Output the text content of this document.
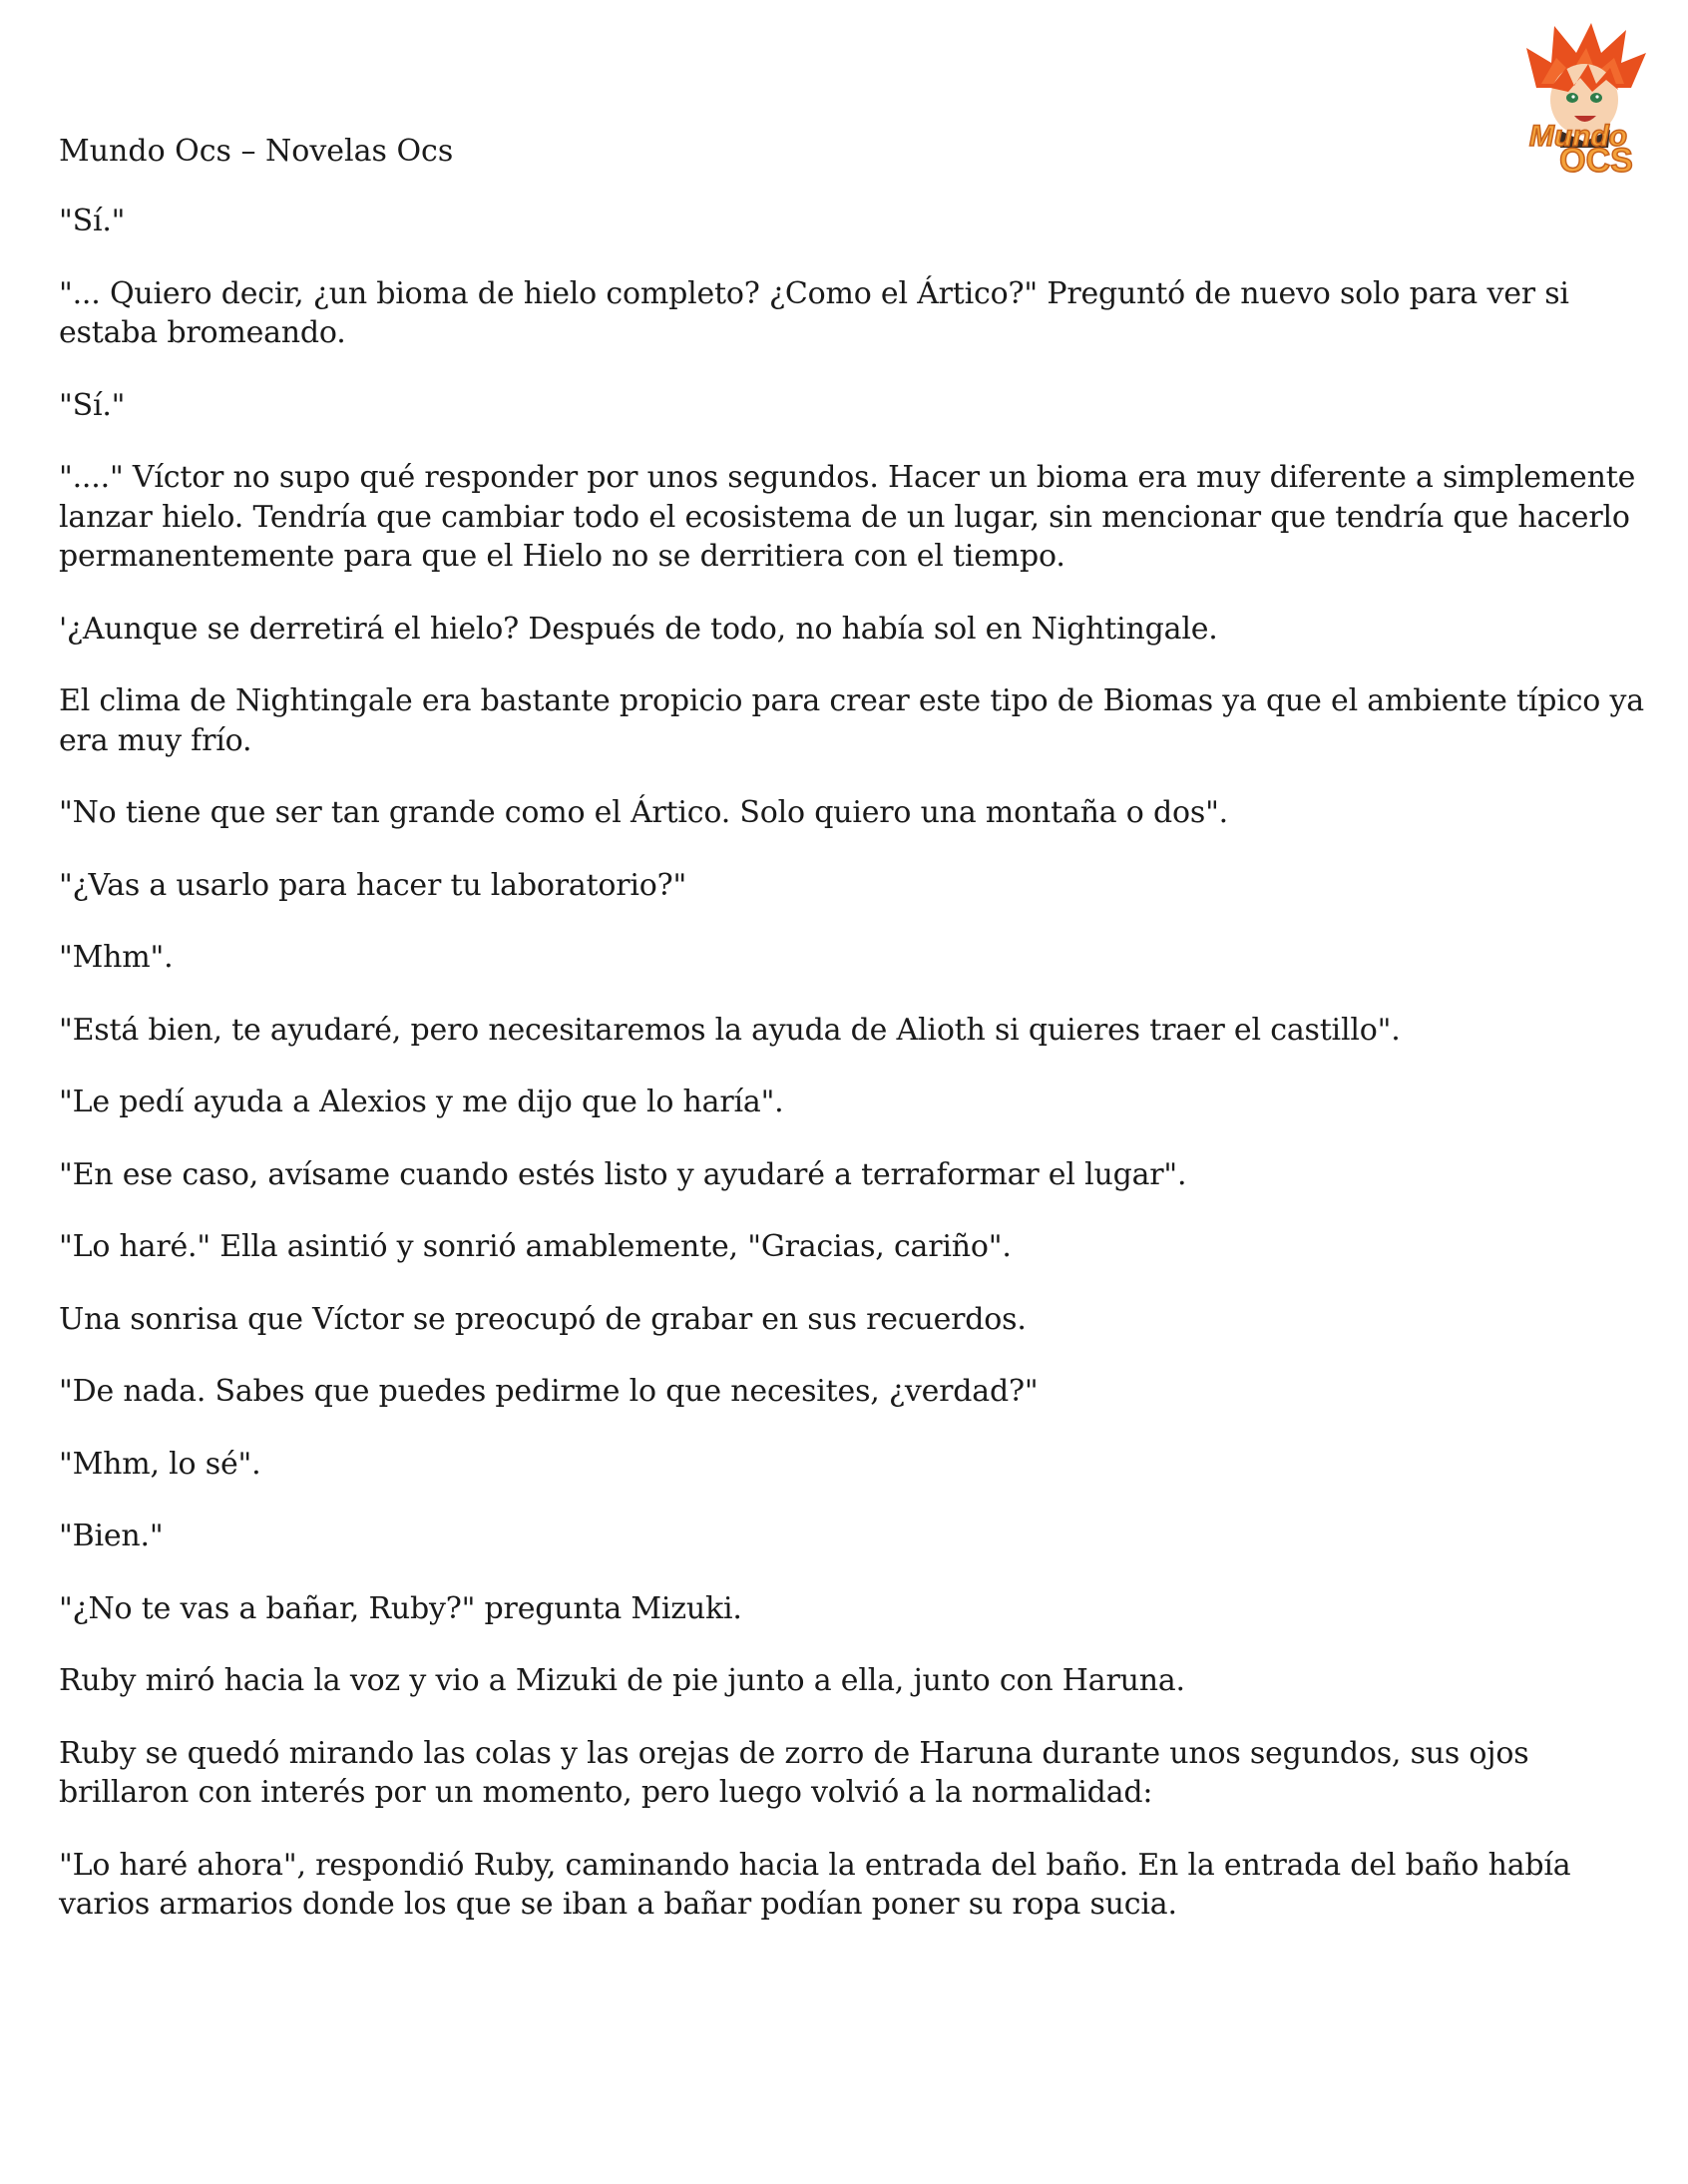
Mundo Ocs – Novelas Ocs	Mundo
OCS

"Sí."

"... Quiero decir, ¿un bioma de hielo completo? ¿Como el Ártico?" Preguntó de nuevo solo para ver si estaba bromeando.

"Sí."

"...." Víctor no supo qué responder por unos segundos. Hacer un bioma era muy diferente a simplemente lanzar hielo. Tendría que cambiar todo el ecosistema de un lugar, sin mencionar que tendría que hacerlo permanentemente para que el Hielo no se derritiera con el tiempo.

'¿Aunque se derretirá el hielo? Después de todo, no había sol en Nightingale.

El clima de Nightingale era bastante propicio para crear este tipo de Biomas ya que el ambiente típico ya era muy frío.

"No tiene que ser tan grande como el Ártico. Solo quiero una montaña o dos".

"¿Vas a usarlo para hacer tu laboratorio?"

"Mhm".

"Está bien, te ayudaré, pero necesitaremos la ayuda de Alioth si quieres traer el castillo".

"Le pedí ayuda a Alexios y me dijo que lo haría".

"En ese caso, avísame cuando estés listo y ayudaré a terraformar el lugar".

"Lo haré." Ella asintió y sonrió amablemente, "Gracias, cariño".

Una sonrisa que Víctor se preocupó de grabar en sus recuerdos.

"De nada. Sabes que puedes pedirme lo que necesites, ¿verdad?"

"Mhm, lo sé".

"Bien."

"¿No te vas a bañar, Ruby?" pregunta Mizuki.

Ruby miró hacia la voz y vio a Mizuki de pie junto a ella, junto con Haruna.

Ruby se quedó mirando las colas y las orejas de zorro de Haruna durante unos segundos, sus ojos brillaron con interés por un momento, pero luego volvió a la normalidad:

"Lo haré ahora", respondió Ruby, caminando hacia la entrada del baño. En la entrada del baño había varios armarios donde los que se iban a bañar podían poner su ropa sucia.
